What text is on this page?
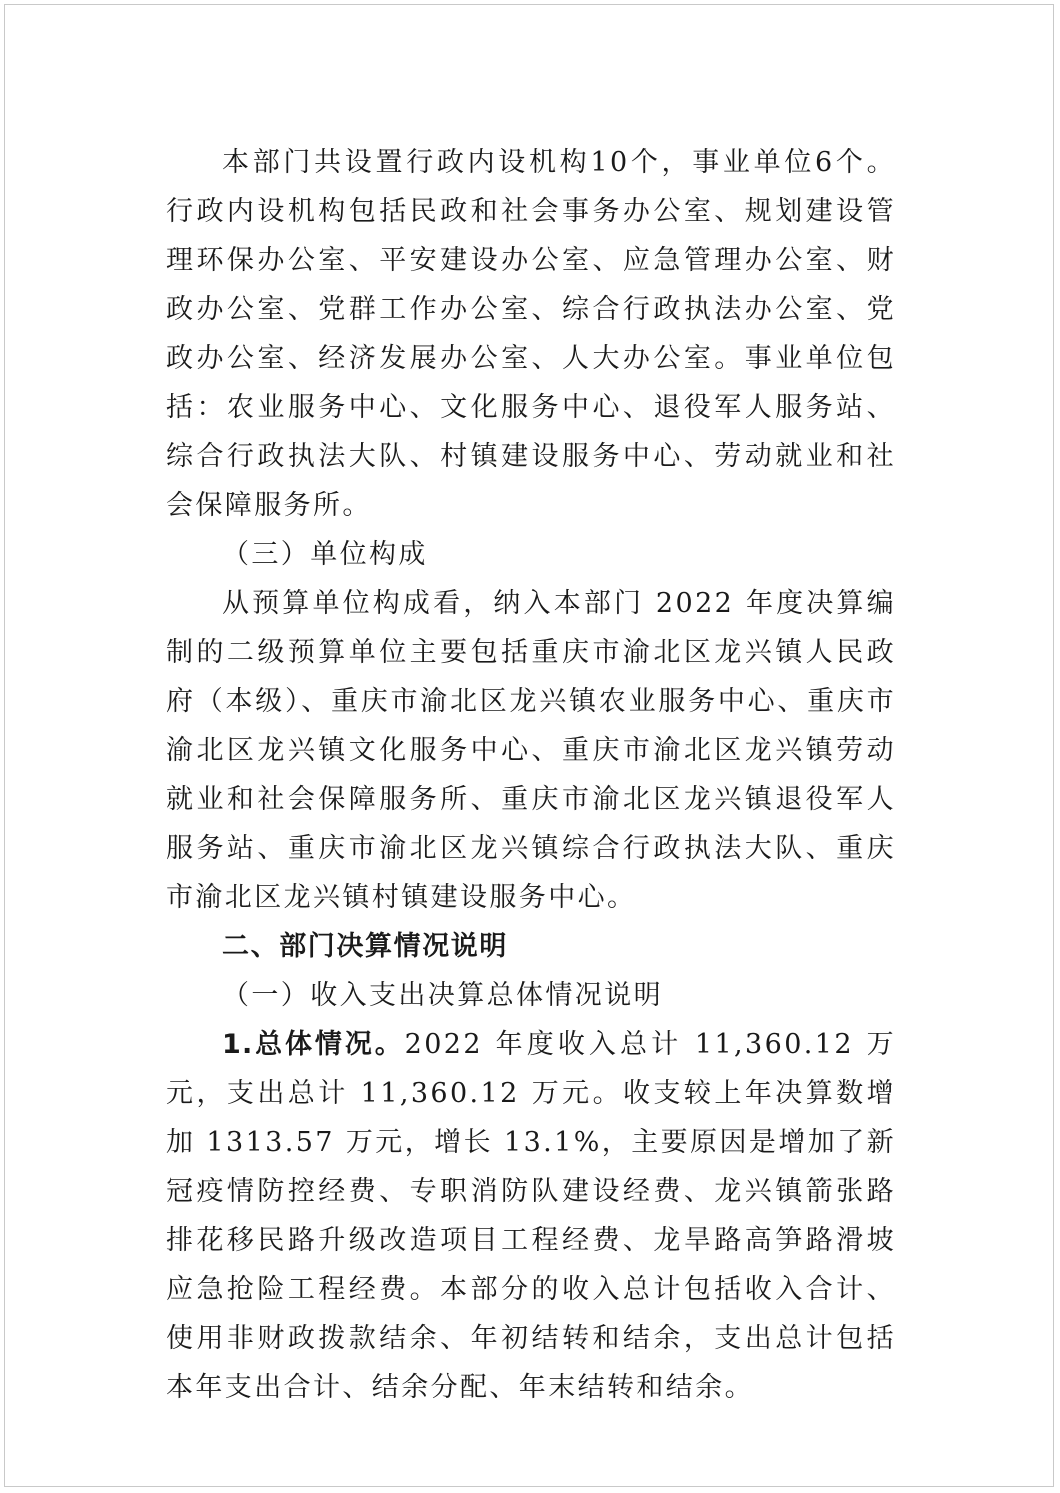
本部门共设置行政内设机构10个，事业单位6个。行政内设机构包括民政和社会事务办公室、规划建设管理环保办公室、平安建设办公室、应急管理办公室、财政办公室、党群工作办公室、综合行政执法办公室、党政办公室、经济发展办公室、人大办公室。事业单位包括：农业服务中心、文化服务中心、退役军人服务站、综合行政执法大队、村镇建设服务中心、劳动就业和社会保障服务所。

（三）单位构成

从预算单位构成看，纳入本部门 2022 年度决算编制的二级预算单位主要包括重庆市渝北区龙兴镇人民政府（本级）、重庆市渝北区龙兴镇农业服务中心、重庆市渝北区龙兴镇文化服务中心、重庆市渝北区龙兴镇劳动就业和社会保障服务所、重庆市渝北区龙兴镇退役军人服务站、重庆市渝北区龙兴镇综合行政执法大队、重庆市渝北区龙兴镇村镇建设服务中心。

二、部门决算情况说明

（一）收入支出决算总体情况说明

1.总体情况。2022 年度收入总计 11,360.12 万元，支出总计 11,360.12 万元。收支较上年决算数增加 1313.57 万元，增长 13.1%，主要原因是增加了新冠疫情防控经费、专职消防队建设经费、龙兴镇箭张路排花移民路升级改造项目工程经费、龙旱路高笋路滑坡应急抢险工程经费。本部分的收入总计包括收入合计、使用非财政拨款结余、年初结转和结余，支出总计包括本年支出合计、结余分配、年末结转和结余。
